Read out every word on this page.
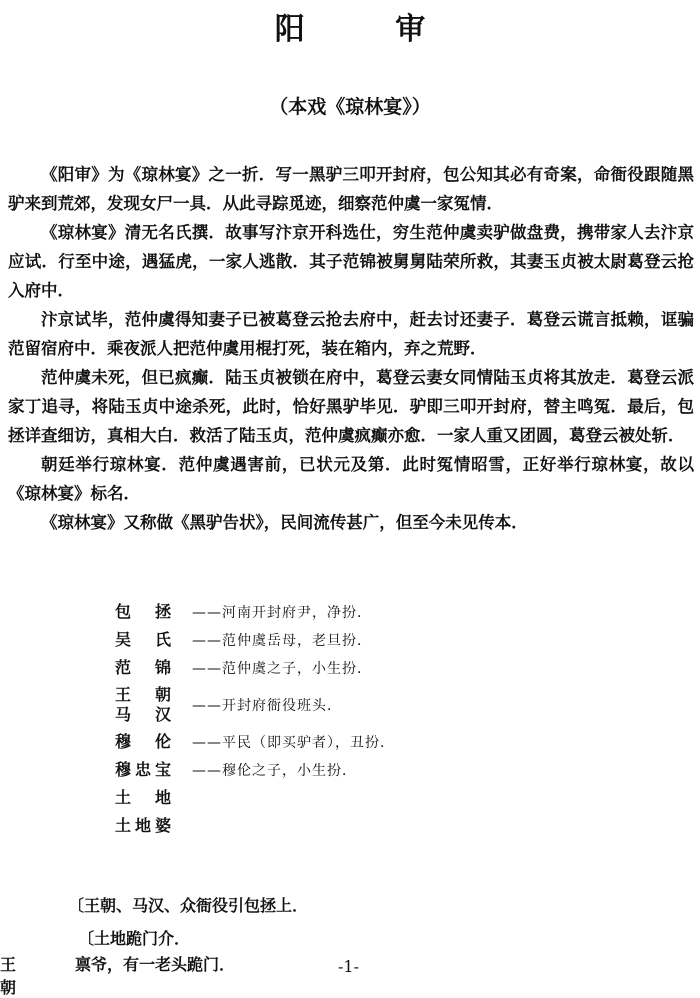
阳 审
（本戏《琼林宴》）

《阳审》为《琼林宴》之一折．写一黑驴三叩开封府，包公知其必有奇案，命衙役跟随黑驴来到荒郊，发现女尸一具．从此寻踪觅迹，细察范仲虞一家冤情．

《琼林宴》清无名氏撰．故事写汴京开科选仕，穷生范仲虞卖驴做盘费，携带家人去汴京应试．行至中途，遇猛虎，一家人逃散．其子范锦被舅舅陆荣所救，其妻玉贞被太尉葛登云抢入府中．

汴京试毕，范仲虞得知妻子已被葛登云抢去府中，赶去讨还妻子．葛登云谎言抵赖，诓骗范留宿府中．乘夜派人把范仲虞用棍打死，装在箱内，弃之荒野．

范仲虞未死，但已疯癫．陆玉贞被锁在府中，葛登云妻女同情陆玉贞将其放走．葛登云派家丁追寻，将陆玉贞中途杀死，此时，恰好黑驴毕见．驴即三叩开封府，替主鸣冤．最后，包拯详查细访，真相大白．救活了陆玉贞，范仲虞疯癫亦愈．一家人重又团圆，葛登云被处斩．

朝廷举行琼林宴．范仲虞遇害前，已状元及第．此时冤情昭雪，正好举行琼林宴，故以《琼林宴》标名．

《琼林宴》又称做《黑驴告状》，民间流传甚广，但至今未见传本．

包　拯 ——河南开封府尹，净扮．
吴　氏 ——范仲虞岳母，老旦扮．
范　锦 ——范仲虞之子，小生扮．
王　朝
马　汉 ——开封府衙役班头．
穆　伦 ——平民（即买驴者），丑扮．
穆忠宝 ——穆伦之子，小生扮．
土　地
土地婆
〔王朝、马汉、众衙役引包拯上．
〔土地跪门介．
王朝
禀爷，有一老头跪门．	-1-
